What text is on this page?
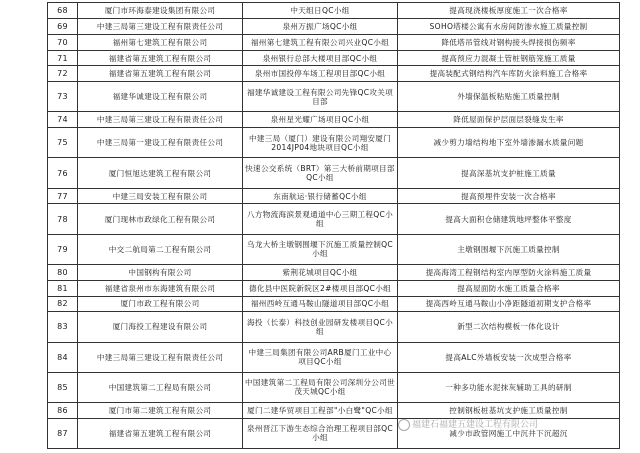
68	厦门市环海泰建设集团有限公司	中天组日QC小组	提高现浇楼板厚度施工一次合格率
69	中建三局第三建设工程有限责任公司	泉州万振广场QC小组	SOHO塔楼公寓有水房间防渗水施工质量控制
70	福州第七建筑工程有限公司	福州第七建筑工程有限公司兴业QC小组	降低塔吊管线对钢构接头焊接损伤频率
71	福建省第五建筑工程有限公司	泉州银行总部大楼项目部QC小组	提高预应力混凝土管桩钢筋笼施工质量
72	福建省第五建筑工程有限公司	泉州市国投停车场工程项目部QC小组	提高装配式钢结构汽车库防火涂料施工合格率
73	福建华诚建设工程有限公司	福建华诚建设工程有限公司先锋QC攻关项目部	外墙保温板粘贴施工质量控制
74	中建三局第三建设工程有限责任公司	泉州星光耀广场项目QC小组	降低屋面保护层面层裂缝发生率
75	中建三局第一建设工程有限责任公司	中建三局（厦门）建设有限公司翔安厦门2014JP04地块项目QC小组	减少剪力墙结构地下室外墙渗漏水质量问题
76	厦门恒旭达建筑工程有限公司	快速公交系统（BRT）第三大桥前期项目部QC小组	提高深基坑支护桩施工质量
77	中建三局安装工程有限公司	东南航运·银行储蓄QC小组	提高预埋件安装一次合格率
78	厦门现林市政绿化工程有限公司	八方物流海滨景观通道中心三期工程QC小组	提高大面积仓储建筑地坪整体平整度
79	中交二航局第二工程有限公司	乌龙大桥主墩钢围堰下沉施工质量控制QC小组	主墩钢围堰下沉施工质量控制
80	中国钢构有限公司	紫荆花城项目QC小组	提高海湾工程钢结构室内厚型防火涂料施工质量
81	福建省泉州市东海建筑有限公司	德化县中医院新院区2#楼项目部QC小组	提高屋面防水施工质量合格率
82	厦门市政工程有限公司	福州西岭互通马鞍山隧道项目部QC小组	提高西岭互通马鞍山小净距隧道初期支护合格率
83	厦门海投工程建设有限公司	海投（长泰）科技创业园研发楼项目QC小组	新型二次结构模板一体化设计
84	中建三局第三建设工程有限责任公司	中建三局集团有限公司ARB厦门工业中心项目QC小组	提高ALC外墙板安装一次成型合格率
85	中国建筑第二工程局有限公司	中国建筑第二工程局有限公司深圳分公司世茂天城QC小组	一种多功能水泥抹灰辅助工具的研制
86	厦门市第二建筑工程有限公司	厦门二建华贸项目工程部"小白鹭"QC小组	控制钢板桩基坑支护施工质量控制
87	福建省第五建筑工程有限公司	泉州晋江下游生态综合治理工程项目部QC小组	减少市政管网施工中沉井下沉超沉
福建石福建五建设工程有限公司
